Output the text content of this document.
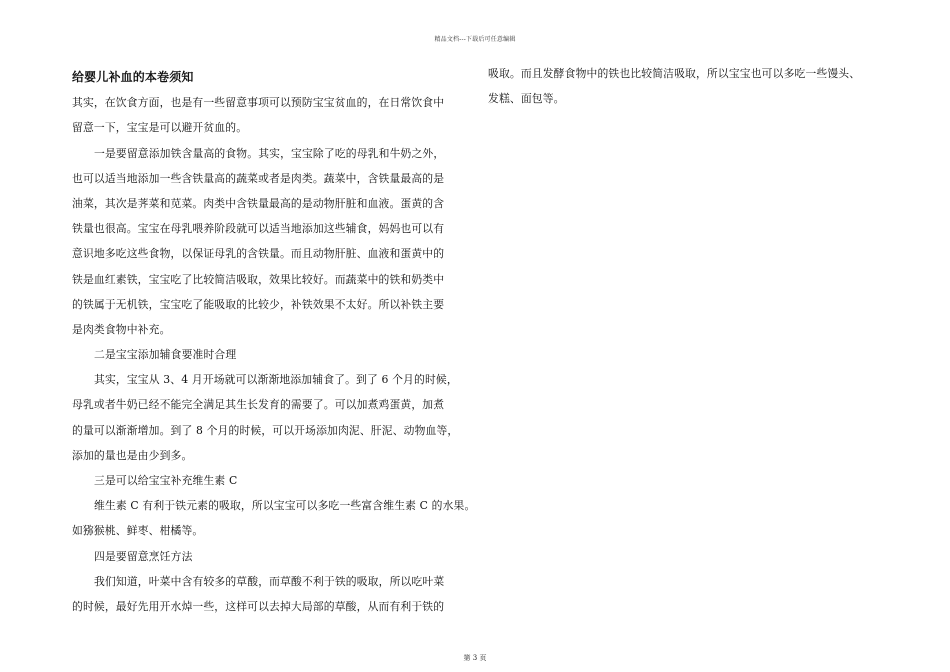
精品文档---下载后可任意编辑
给婴儿补血的本卷须知
其实，在饮食方面，也是有一些留意事项可以预防宝宝贫血的，在日常饮食中
留意一下，宝宝是可以避开贫血的。
一是要留意添加铁含量高的食物。其实，宝宝除了吃的母乳和牛奶之外，
也可以适当地添加一些含铁量高的蔬菜或者是肉类。蔬菜中，含铁量最高的是
油菜，其次是荠菜和苋菜。肉类中含铁量最高的是动物肝脏和血液。蛋黄的含
铁量也很高。宝宝在母乳喂养阶段就可以适当地添加这些辅食，妈妈也可以有
意识地多吃这些食物，以保证母乳的含铁量。而且动物肝脏、血液和蛋黄中的
铁是血红素铁，宝宝吃了比较简洁吸取，效果比较好。而蔬菜中的铁和奶类中
的铁属于无机铁，宝宝吃了能吸取的比较少，补铁效果不太好。所以补铁主要
是肉类食物中补充。
二是宝宝添加辅食要准时合理
其实，宝宝从 3、4 月开场就可以渐渐地添加辅食了。到了 6 个月的时候，
母乳或者牛奶已经不能完全满足其生长发育的需要了。可以加煮鸡蛋黄，加煮
的量可以渐渐增加。到了 8 个月的时候，可以开场添加肉泥、肝泥、动物血等，
添加的量也是由少到多。
三是可以给宝宝补充维生素 C
维生素 C 有利于铁元素的吸取，所以宝宝可以多吃一些富含维生素 C 的水果。
如猕猴桃、鲜枣、柑橘等。
四是要留意烹饪方法
我们知道，叶菜中含有较多的草酸，而草酸不利于铁的吸取，所以吃叶菜
的时候，最好先用开水焯一些，这样可以去掉大局部的草酸，从而有利于铁的
吸取。而且发酵食物中的铁也比较简洁吸取，所以宝宝也可以多吃一些馒头、
发糕、面包等。
第 3 页
